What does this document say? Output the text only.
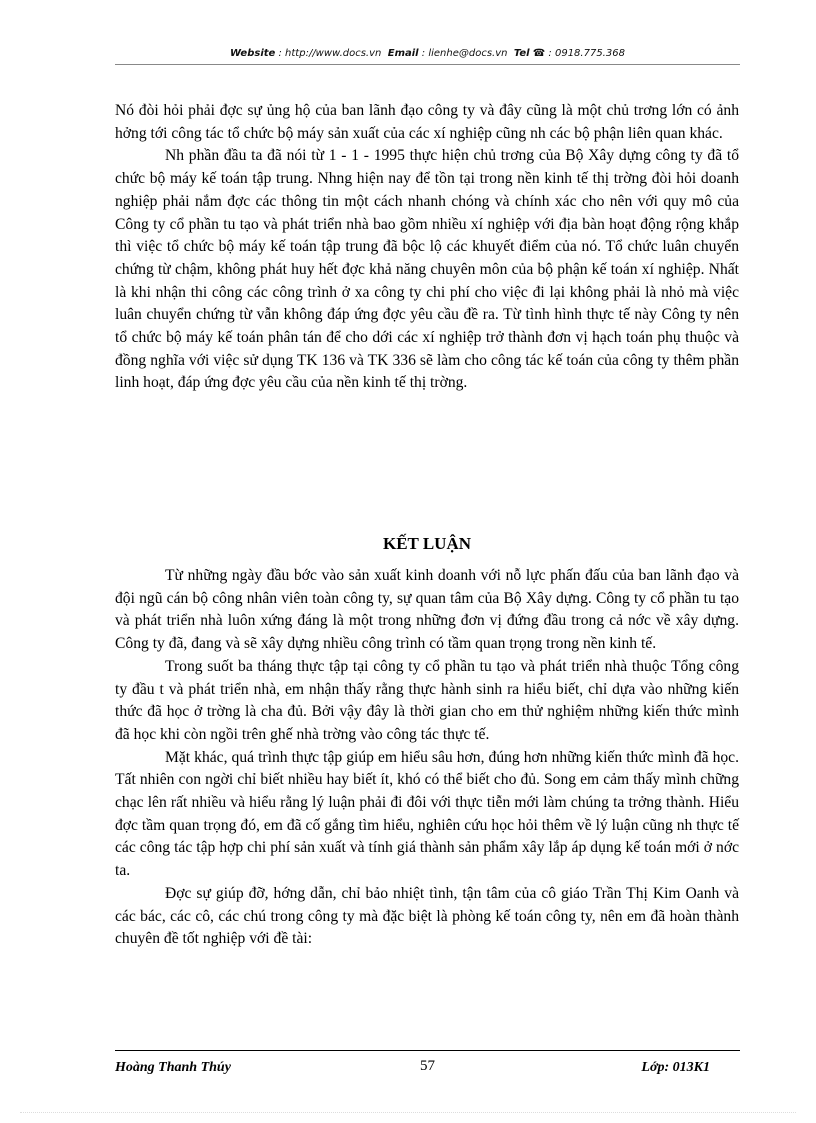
Website : http://www.docs.vn Email : lienhe@docs.vn Tel ☎ : 0918.775.368

Nó đòi hỏi phải đợc sự ủng hộ của ban lãnh đạo công ty và đây cũng là một chủ trơng lớn có ảnh hởng tới công tác tổ chức bộ máy sản xuất của các xí nghiệp cũng nh các bộ phận liên quan khác.

Nh phần đầu ta đã nói từ 1 - 1 - 1995 thực hiện chủ trơng của Bộ Xây dựng công ty đã tổ chức bộ máy kế toán tập trung. Nhng hiện nay để tồn tại trong nền kinh tế thị trờng đòi hỏi doanh nghiệp phải nắm đợc các thông tin một cách nhanh chóng và chính xác cho nên với quy mô của Công ty cổ phần tu tạo và phát triển nhà bao gồm nhiều xí nghiệp với địa bàn hoạt động rộng khắp thì việc tổ chức bộ máy kế toán tập trung đã bộc lộ các khuyết điểm của nó. Tổ chức luân chuyển chứng từ chậm, không phát huy hết đợc khả năng chuyên môn của bộ phận kế toán xí nghiệp. Nhất là khi nhận thi công các công trình ở xa công ty chi phí cho việc đi lại không phải là nhỏ mà việc luân chuyển chứng từ vẫn không đáp ứng đợc yêu cầu đề ra. Từ tình hình thực tế này Công ty nên tổ chức bộ máy kế toán phân tán để cho dới các xí nghiệp trở thành đơn vị hạch toán phụ thuộc và đồng nghĩa với việc sử dụng TK 136 và TK 336 sẽ làm cho công tác kế toán của công ty thêm phần linh hoạt, đáp ứng đợc yêu cầu của nền kinh tế thị trờng.

KẾT LUẬN

Từ những ngày đầu bớc vào sản xuất kinh doanh với nỗ lực phấn đấu của ban lãnh đạo và đội ngũ cán bộ công nhân viên toàn công ty, sự quan tâm của Bộ Xây dựng. Công ty cổ phần tu tạo và phát triển nhà luôn xứng đáng là một trong những đơn vị đứng đầu trong cả nớc về xây dựng. Công ty đã, đang và sẽ xây dựng nhiều công trình có tầm quan trọng trong nền kinh tế.

Trong suốt ba tháng thực tập tại công ty cổ phần tu tạo và phát triển nhà thuộc Tổng công ty đầu t và phát triển nhà, em nhận thấy rằng thực hành sinh ra hiểu biết, chỉ dựa vào những kiến thức đã học ở trờng là cha đủ. Bởi vậy đây là thời gian cho em thử nghiệm những kiến thức mình đã học khi còn ngồi trên ghế nhà trờng vào công tác thực tế.

Mặt khác, quá trình thực tập giúp em hiểu sâu hơn, đúng hơn những kiến thức mình đã học. Tất nhiên con ngời chỉ biết nhiều hay biết ít, khó có thể biết cho đủ. Song em cảm thấy mình chững chạc lên rất nhiều và hiểu rằng lý luận phải đi đôi với thực tiễn mới làm chúng ta trởng thành. Hiểu đợc tầm quan trọng đó, em đã cố gắng tìm hiểu, nghiên cứu học hỏi thêm về lý luận cũng nh thực tế các công tác tập hợp chi phí sản xuất và tính giá thành sản phẩm xây lắp áp dụng kế toán mới ở nớc ta.

Đợc sự giúp đỡ, hớng dẫn, chỉ bảo nhiệt tình, tận tâm của cô giáo Trần Thị Kim Oanh và các bác, các cô, các chú trong công ty mà đặc biệt là phòng kế toán công ty, nên em đã hoàn thành chuyên đề tốt nghiệp với đề tài:

Hoàng Thanh Thúy	57	Lớp: 013K1
